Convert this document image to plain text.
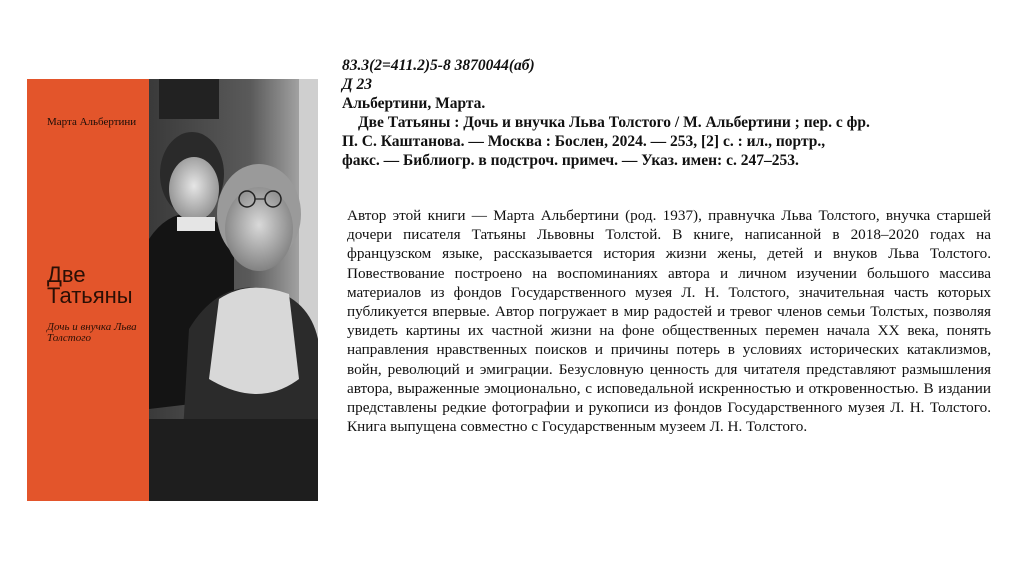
Марта Альбертини
Две Татьяны
Дочь и внучка Льва Толстого
83.3(2=411.2)5-8 3870044(аб)
Д 23
Альбертини, Марта.
Две Татьяны : Дочь и внучка Льва Толстого / М. Альбертини ; пер. с фр.
П. С. Каштанова. — Москва : Бослен, 2024. — 253, [2] с. : ил., портр.,
факс. — Библиогр. в подстроч. примеч. — Указ. имен: с. 247–253.
Автор этой книги — Марта Альбертини (род. 1937), правнучка Льва Толстого, внучка старшей дочери писателя Татьяны Львовны Толстой. В книге, написанной в 2018–2020 годах на французском языке, рассказывается история жизни жены, детей и внуков Льва Толстого. Повествование построено на воспоминаниях автора и личном изучении большого массива материалов из фондов Государственного музея Л. Н. Толстого, значительная часть которых публикуется впервые. Автор погружает в мир радостей и тревог членов семьи Толстых, позволяя увидеть картины их частной жизни на фоне общественных перемен начала XX века, понять направления нравственных поисков и причины потерь в условиях исторических катаклизмов, войн, революций и эмиграции. Безусловную ценность для читателя представляют размышления автора, выраженные эмоционально, с исповедальной искренностью и откровенностью. В издании представлены редкие фотографии и рукописи из фондов Государственного музея Л. Н. Толстого. Книга выпущена совместно с Государственным музеем Л. Н. Толстого.
